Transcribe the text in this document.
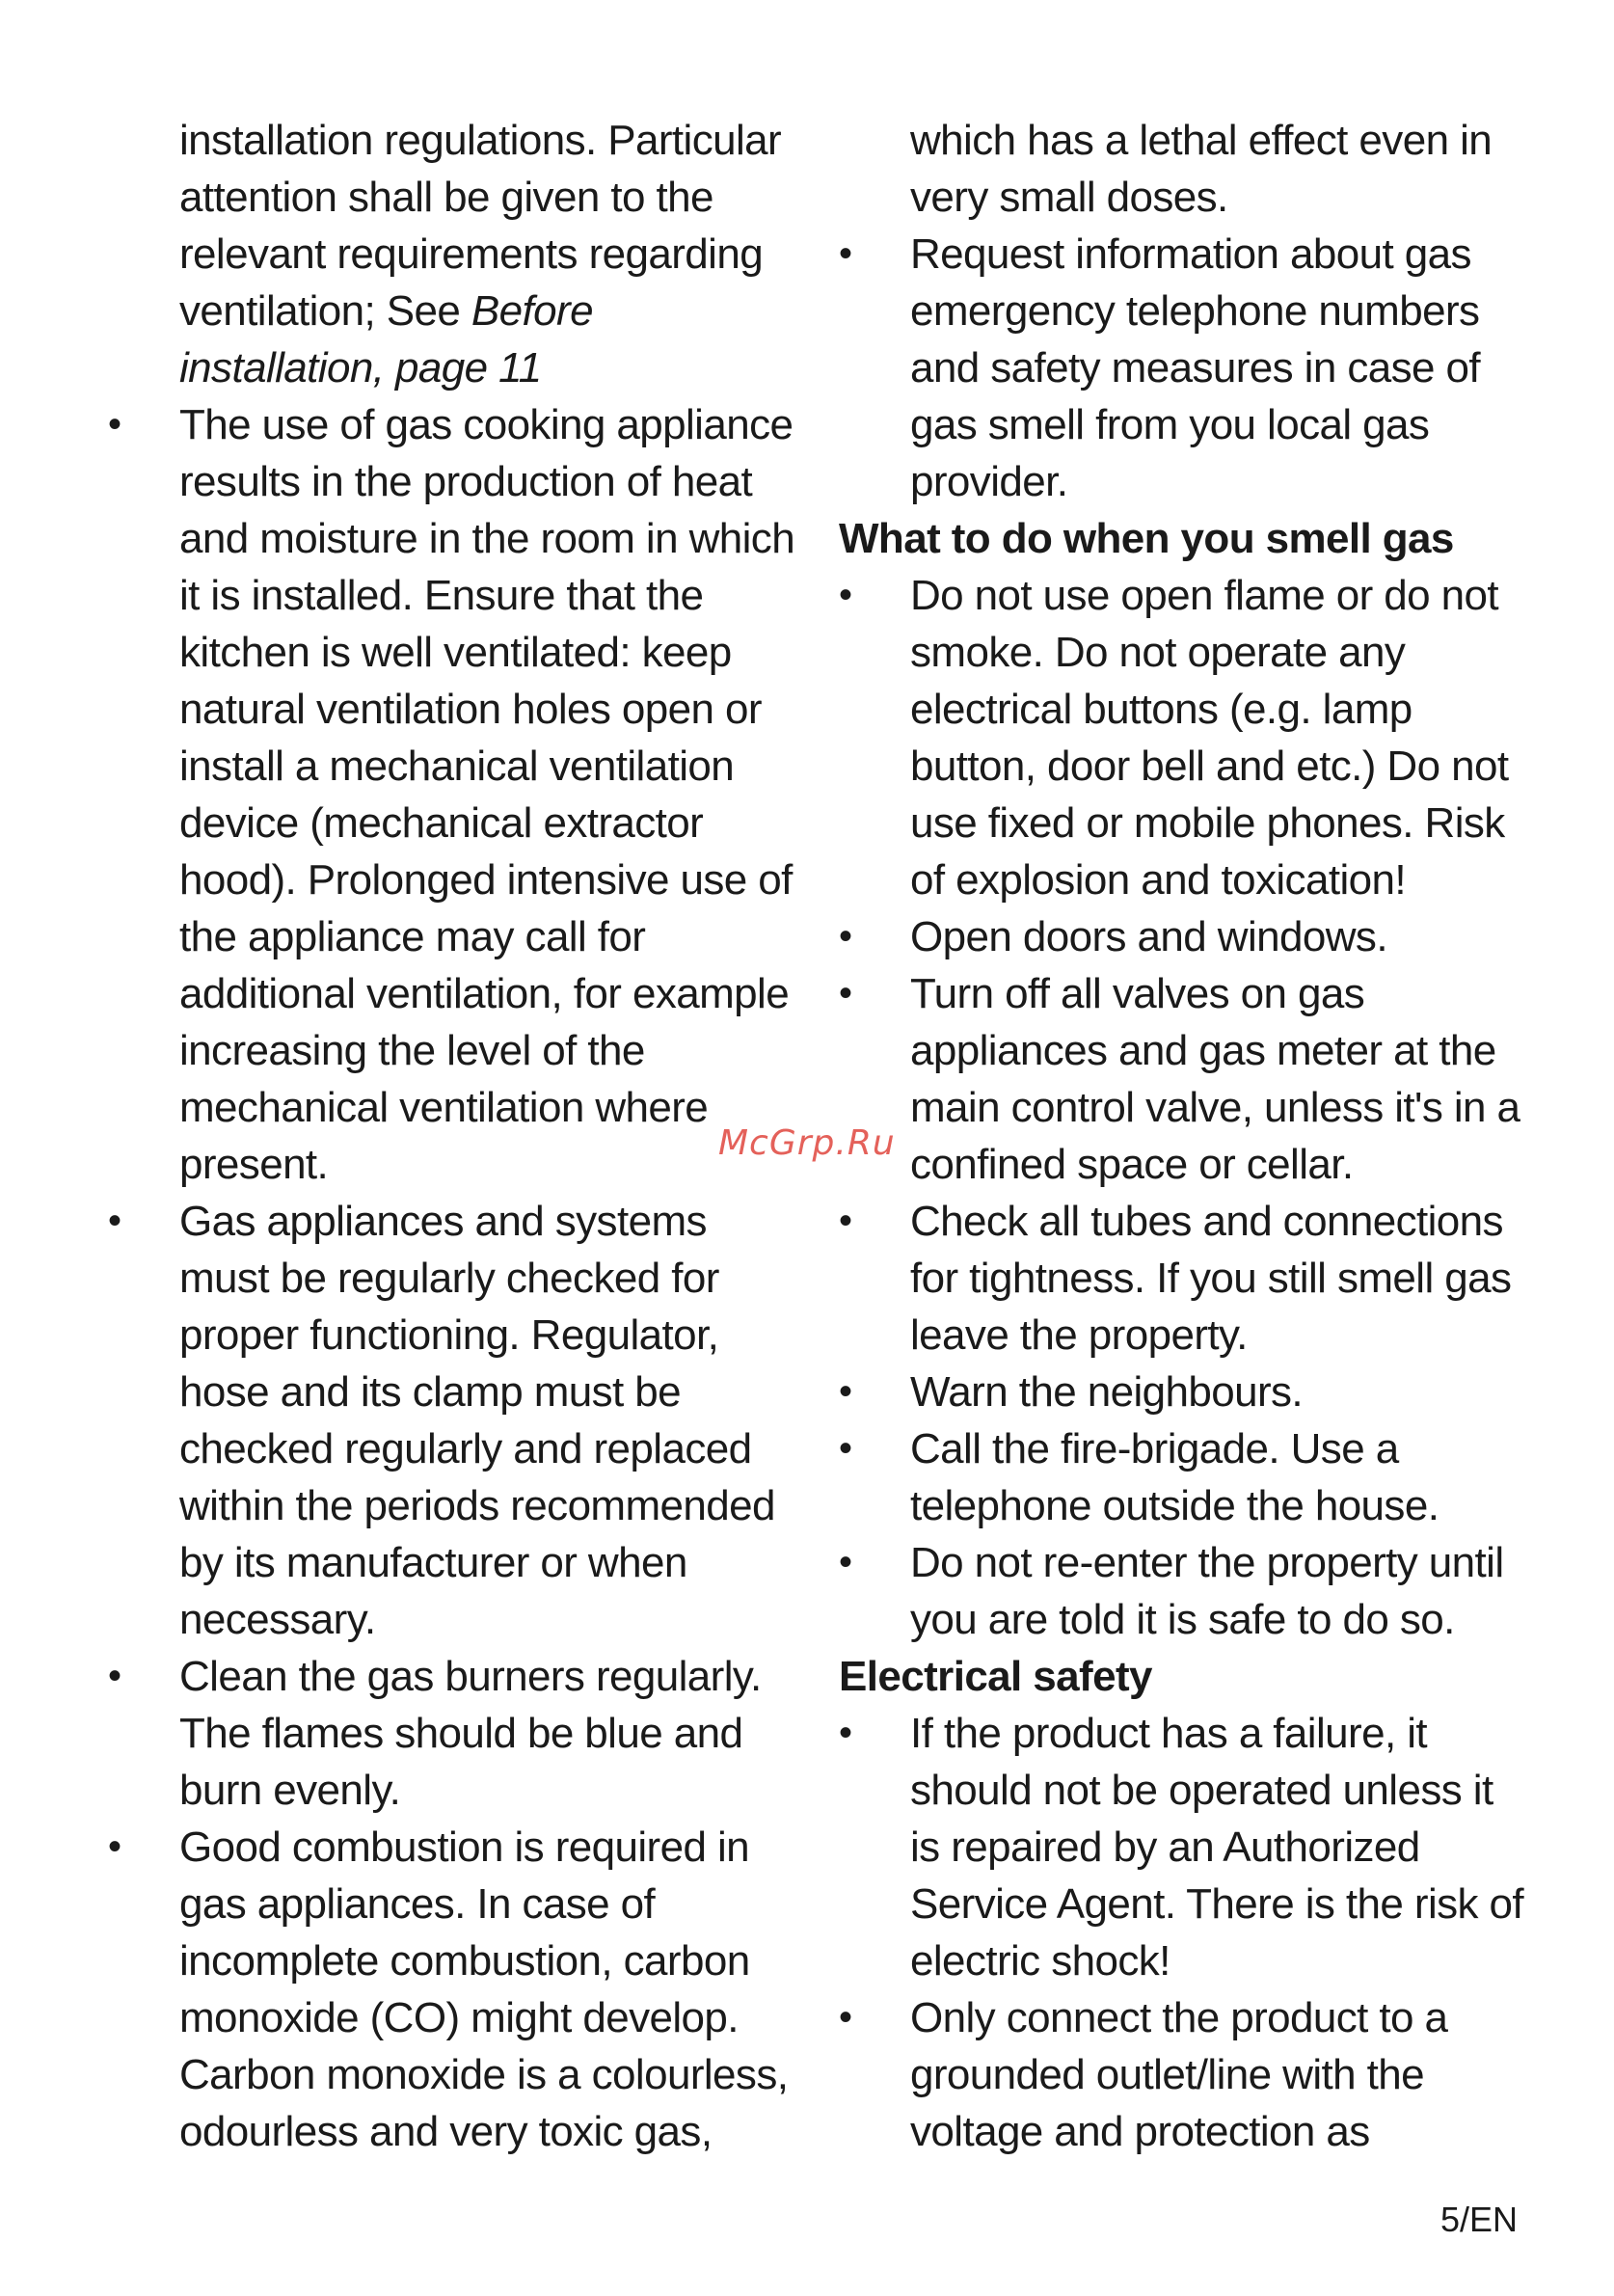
installation regulations. Particular attention shall be given to the relevant requirements regarding ventilation; See Before installation, page 11

•	The use of gas cooking appliance results in the production of heat and moisture in the room in which it is installed. Ensure that the kitchen is well ventilated: keep natural ventilation holes open or install a mechanical ventilation device (mechanical extractor hood). Prolonged intensive use of the appliance may call for additional ventilation, for example increasing the level of the mechanical ventilation where present.
•	Gas appliances and systems must be regularly checked for proper functioning. Regulator, hose and its clamp must be checked regularly and replaced within the periods recommended by its manufacturer or when necessary.
•	Clean the gas burners regularly. The flames should be blue and burn evenly.
•	Good combustion is required in gas appliances. In case of incomplete combustion, carbon monoxide (CO) might develop. Carbon monoxide is a colourless, odourless and very toxic gas,

which has a lethal effect even in very small doses.

•	Request information about gas emergency telephone numbers and safety measures in case of gas smell from you local gas provider.
What to do when you smell gas
•	Do not use open flame or do not smoke. Do not operate any electrical buttons (e.g. lamp button, door bell and etc.) Do not use fixed or mobile phones. Risk of explosion and toxication!
•	Open doors and windows.
•	Turn off all valves on gas appliances and gas meter at the main control valve, unless it's in a confined space or cellar.
•	Check all tubes and connections for tightness. If you still smell gas leave the property.
•	Warn the neighbours.
•	Call the fire-brigade. Use a telephone outside the house.
•	Do not re-enter the property until you are told it is safe to do so.
Electrical safety
•	If the product has a failure, it should not be operated unless it is repaired by an Authorized Service Agent. There is the risk of electric shock!
•	Only connect the product to a grounded outlet/line with the voltage and protection as
McGrp.Ru
5/EN
